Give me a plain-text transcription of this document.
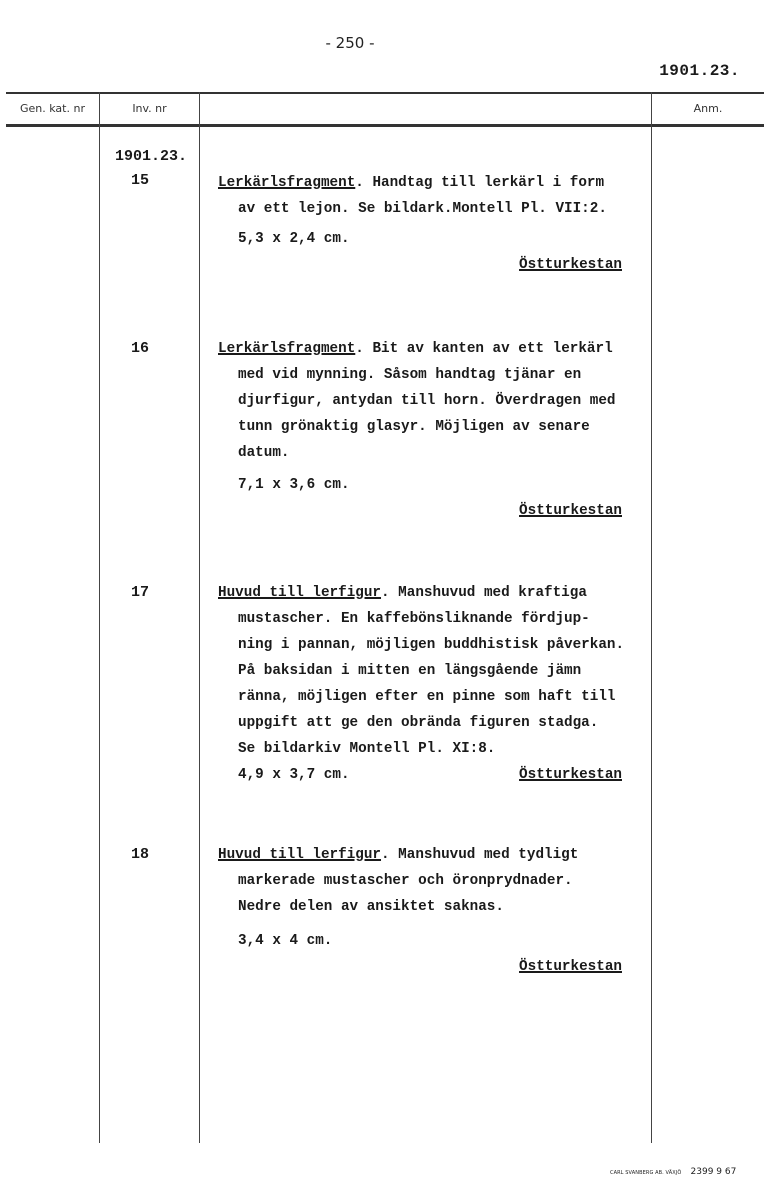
- 250 -
1901.23.
Gen. kat. nr	Inv. nr	Anm.
1901.23.
15	Lerkärlsfragment. Handtag till lerkärl i form
av ett lejon. Se bildark.Montell Pl. VII:2.
5,3 x 2,4 cm.
Östturkestan
16	Lerkärlsfragment. Bit av kanten av ett lerkärl
med vid mynning. Såsom handtag tjänar en
djurfigur, antydan till horn. Överdragen med
tunn grönaktig glasyr. Möjligen av senare
datum.
7,1 x 3,6 cm.
Östturkestan
17	Huvud till lerfigur. Manshuvud med kraftiga
mustascher. En kaffebönsliknande fördjup-
ning i pannan, möjligen buddhistisk påverkan.
På baksidan i mitten en längsgående jämn
ränna, möjligen efter en pinne som haft till
uppgift att ge den obrända figuren stadga.
Se bildarkiv Montell Pl. XI:8.
4,9 x 3,7 cm.	Östturkestan
18	Huvud till lerfigur. Manshuvud med tydligt
markerade mustascher och öronprydnader.
Nedre delen av ansiktet saknas.
3,4 x 4 cm.
Östturkestan
CARL SVANBERG AB. VÄXJÖ 2399 9 67
